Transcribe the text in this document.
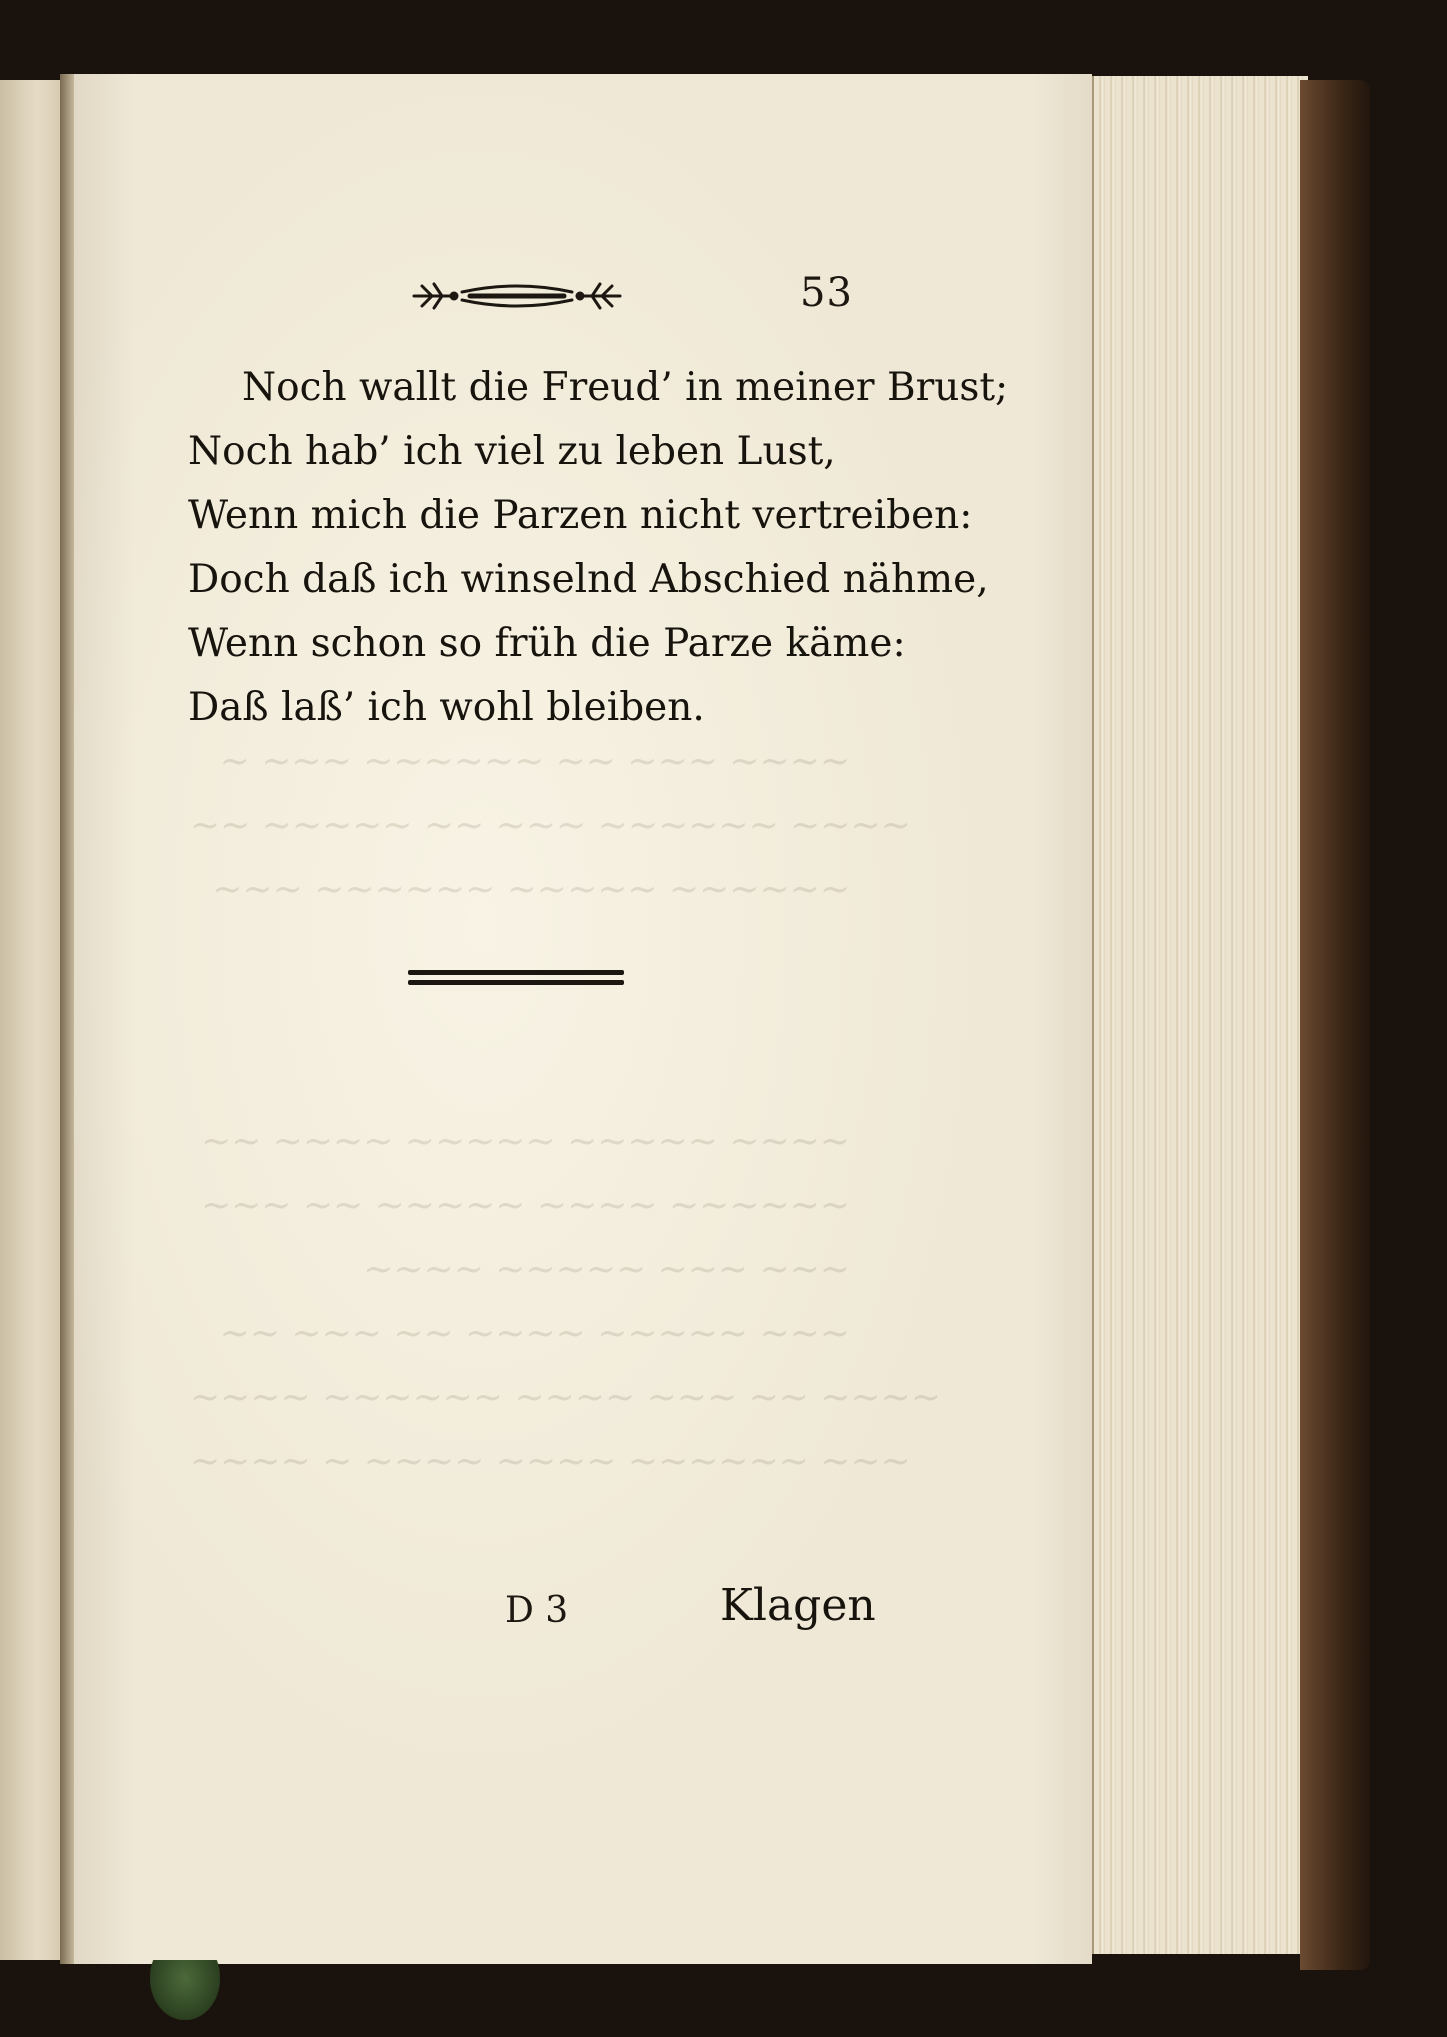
~ ~~~ ~~~~~~ ~~ ~~~ ~~~~
~~ ~~~~~ ~~ ~~~ ~~~~~~ ~~~~
~~~ ~~~~~~ ~~~~~ ~~~~~~
~~ ~~~~ ~~~~~ ~~~~~ ~~~~
~~~ ~~ ~~~~~ ~~~~ ~~~~~~
~~~~ ~~~~~ ~~~ ~~~
~~ ~~~ ~~ ~~~~ ~~~~~ ~~~
~~~~ ~~~~~~ ~~~~ ~~~ ~~ ~~~~
~~~~ ~ ~~~~ ~~~~ ~~~~~~ ~~~
53
Noch wallt die Freud’ in meiner Brust;
Noch hab’ ich viel zu leben Lust,
Wenn mich die Parzen nicht vertreiben:
Doch daß ich winselnd Abschied nähme,
Wenn schon so früh die Parze käme:
Daß laß’ ich wohl bleiben.
D 3	Klagen
